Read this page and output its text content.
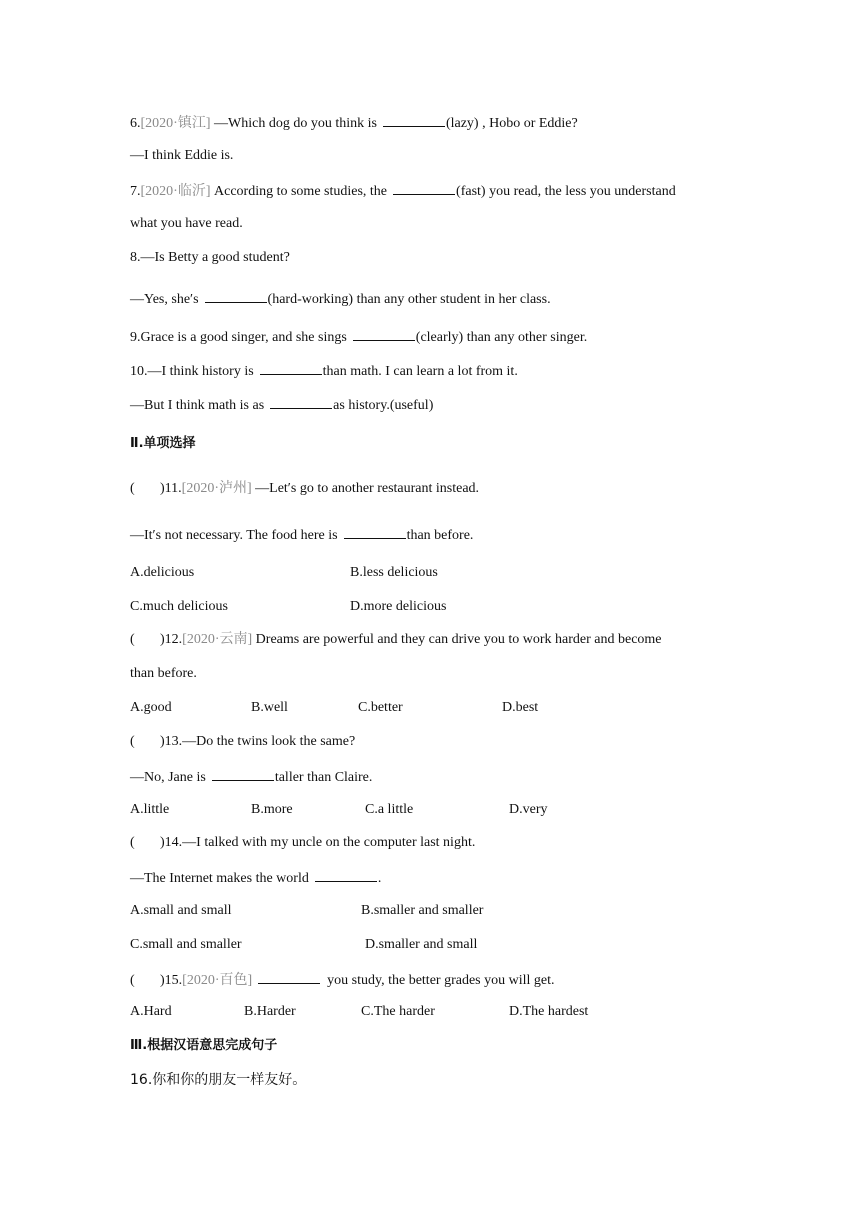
6.[2020·镇江] —Which dog do you think is	(lazy) , Hobo or Eddie?
—I think Eddie is.
7.[2020·临沂] According to some studies, the	(fast) you read, the less you understand
what you have read.
8.—Is Betty a good student?
—Yes, she′s	(hard-working) than any other student in her class.
9.Grace is a good singer, and she sings	(clearly) than any other singer.
10.—I think history is	than math. I can learn a lot from it.
—But I think math is as	as history.(useful)
Ⅱ.单项选择
( )11.[2020·泸州] —Let′s go to another restaurant instead.
—It′s not necessary. The food here is	than before.
A.delicious	B.less delicious
C.much delicious	D.more delicious
( )12.[2020·云南] Dreams are powerful and they can drive you to work harder and become
than before.
A.good	B.well	C.better	D.best
( )13.—Do the twins look the same?
—No, Jane is	taller than Claire.
A.little	B.more	C.a little	D.very
( )14.—I talked with my uncle on the computer last night.
—The Internet makes the world	.
A.small and small	B.smaller and smaller
C.small and smaller	D.smaller and small
( )15.[2020·百色]	you study, the better grades you will get.
A.Hard	B.Harder	C.The harder	D.The hardest
Ⅲ.根据汉语意思完成句子
16.你和你的朋友一样友好。
